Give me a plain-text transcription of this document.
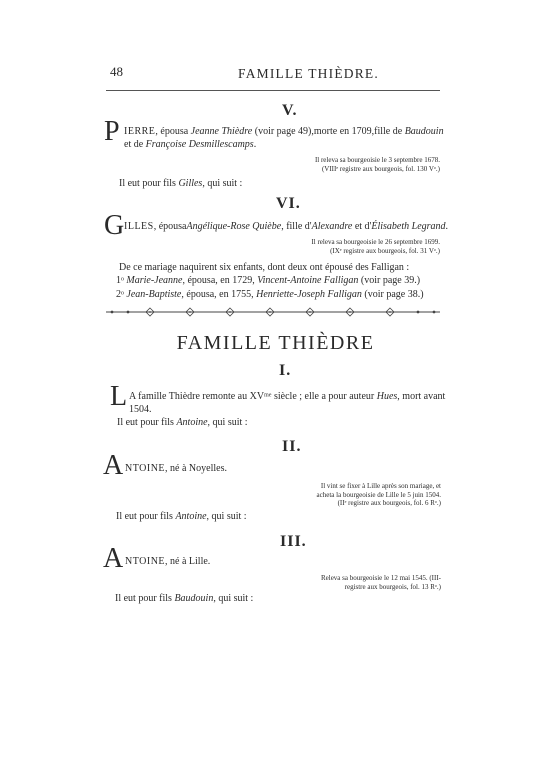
48	FAMILLE THIÈDRE.
V.
P IERRE, épousa Jeanne Thièdre (voir page 49),morte en 1709,fille de Baudouin
et de Françoise Desmillescamps.
Il releva sa bourgeoisie le 3 septembre 1678.
(VIIIᵉ registre aux bourgeois, fol. 130 Vᵒ.)
Il eut pour fils Gilles, qui suit :
VI.
G ILLES, épousaAngélique-Rose Quièbe, fille d'Alexandre et d'Élisabeth Legrand.
Il releva sa bourgeoisie le 26 septembre 1699.
(IXᵉ registre aux bourgeois, fol. 31 Vᵒ.)
De ce mariage naquirent six enfants, dont deux ont épousé des Falligan :
1ᵒ Marie-Jeanne, épousa, en 1729, Vincent-Antoine Falligan (voir page 39.)
2ᵒ Jean-Baptiste, épousa, en 1755, Henriette-Joseph Falligan (voir page 38.)
FAMILLE THIÈDRE
I.
L A famille Thièdre remonte au XVᵐᵉ siècle ; elle a pour auteur Hues, mort avant
1504.
Il eut pour fils Antoine, qui suit :
II.
A NTOINE, né à Noyelles.
Il vint se fixer à Lille après son mariage, et
acheta la bourgeoisie de Lille le 5 juin 1504.
(IIᵉ registre aux bourgeois, fol. 6 Rᵒ.)
Il eut pour fils Antoine, qui suit :
III.
A NTOINE, né à Lille.
Releva sa bourgeoisie le 12 mai 1545. (III-
registre aux bourgeois, fol. 13 Rᵒ.)
Il eut pour fils Baudouin, qui suit :
